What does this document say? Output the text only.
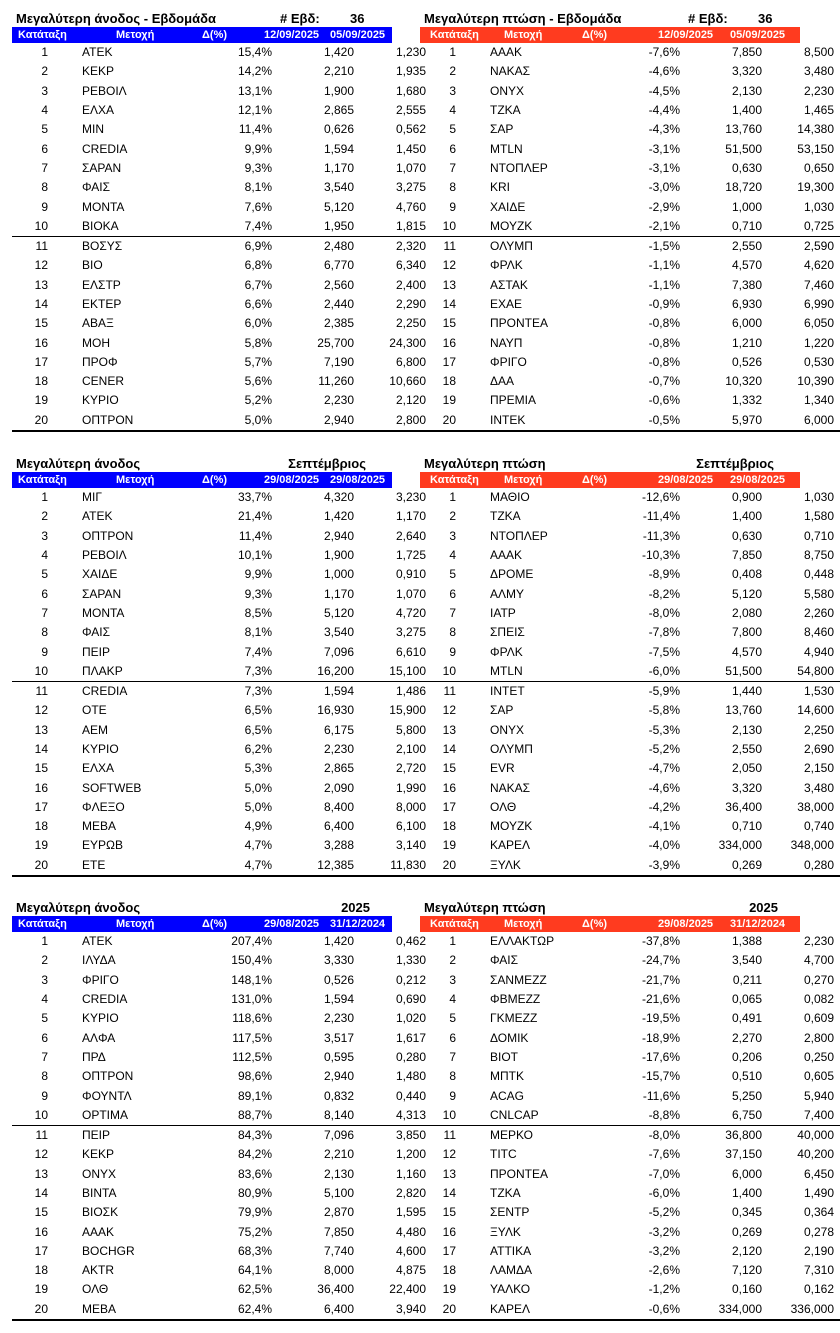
Μεγαλύτερη άνοδος - Εβδομάδα	# Εβδ: 36
Κατάταξη	Μετοχή	Δ(%)	12/09/2025 05/09/2025
1	ΑΤΕΚ	15,4%	1,420	1,230
2	ΚΕΚΡ	14,2%	2,210	1,935
3	ΡΕΒΟΙΛ	13,1%	1,900	1,680
4	ΕΛΧΑ	12,1%	2,865	2,555
5	ΜΙΝ	11,4%	0,626	0,562
6	CREDIA	9,9%	1,594	1,450
7	ΣΑΡΑΝ	9,3%	1,170	1,070
8	ΦΑΙΣ	8,1%	3,540	3,275
9	ΜΟΝΤΑ	7,6%	5,120	4,760
10	ΒΙΟΚΑ	7,4%	1,950	1,815
11	ΒΟΣΥΣ	6,9%	2,480	2,320
12	ΒΙΟ	6,8%	6,770	6,340
13	ΕΛΣΤΡ	6,7%	2,560	2,400
14	ΕΚΤΕΡ	6,6%	2,440	2,290
15	ΑΒΑΞ	6,0%	2,385	2,250
16	ΜΟΗ	5,8%	25,700	24,300
17	ΠΡΟΦ	5,7%	7,190	6,800
18	CENER	5,6%	11,260	10,660
19	ΚΥΡΙΟ	5,2%	2,230	2,120
20	ΟΠΤΡΟΝ	5,0%	2,940	2,800
Μεγαλύτερη πτώση - Εβδομάδα	# Εβδ: 36
Κατάταξη Μετοχή	Δ(%)	12/09/2025 05/09/2025
1	ΑΑΑΚ	-7,6%	7,850	8,500
2	ΝΑΚΑΣ	-4,6%	3,320	3,480
3	ΟΝΥΧ	-4,5%	2,130	2,230
4	ΤΖΚΑ	-4,4%	1,400	1,465
5	ΣΑΡ	-4,3%	13,760	14,380
6	MTLN	-3,1%	51,500	53,150
7	ΝΤΟΠΛΕΡ	-3,1%	0,630	0,650
8	KRI	-3,0%	18,720	19,300
9	ΧΑΙΔΕ	-2,9%	1,000	1,030
10	ΜΟΥΖΚ	-2,1%	0,710	0,725
11	ΟΛΥΜΠ	-1,5%	2,550	2,590
12	ΦΡΛΚ	-1,1%	4,570	4,620
13	ΑΣΤΑΚ	-1,1%	7,380	7,460
14	ΕΧΑΕ	-0,9%	6,930	6,990
15	ΠΡΟΝΤΕΑ	-0,8%	6,000	6,050
16	ΝΑΥΠ	-0,8%	1,210	1,220
17	ΦΡΙΓΟ	-0,8%	0,526	0,530
18	ΔΑΑ	-0,7%	10,320	10,390
19	ΠΡΕΜΙΑ	-0,6%	1,332	1,340
20	INTEK	-0,5%	5,970	6,000
Μεγαλύτερη άνοδος	Σεπτέμβριος
Κατάταξη	Μετοχή	Δ(%)	29/08/2025 29/08/2025
1	ΜΙΓ	33,7%	4,320	3,230
2	ΑΤΕΚ	21,4%	1,420	1,170
3	ΟΠΤΡΟΝ	11,4%	2,940	2,640
4	ΡΕΒΟΙΛ	10,1%	1,900	1,725
5	ΧΑΙΔΕ	9,9%	1,000	0,910
6	ΣΑΡΑΝ	9,3%	1,170	1,070
7	ΜΟΝΤΑ	8,5%	5,120	4,720
8	ΦΑΙΣ	8,1%	3,540	3,275
9	ΠΕΙΡ	7,4%	7,096	6,610
10	ΠΛΑΚΡ	7,3%	16,200	15,100
11	CREDIA	7,3%	1,594	1,486
12	ΟΤΕ	6,5%	16,930	15,900
13	ΑΕΜ	6,5%	6,175	5,800
14	ΚΥΡΙΟ	6,2%	2,230	2,100
15	ΕΛΧΑ	5,3%	2,865	2,720
16	SOFTWEB	5,0%	2,090	1,990
17	ΦΛΕΞΟ	5,0%	8,400	8,000
18	ΜΕΒΑ	4,9%	6,400	6,100
19	ΕΥΡΩΒ	4,7%	3,288	3,140
20	ΕΤΕ	4,7%	12,385	11,830
Μεγαλύτερη πτώση	Σεπτέμβριος
Κατάταξη Μετοχή	Δ(%)	29/08/2025 29/08/2025
1	ΜΑΘΙΟ	-12,6%	0,900	1,030
2	ΤΖΚΑ	-11,4%	1,400	1,580
3	ΝΤΟΠΛΕΡ	-11,3%	0,630	0,710
4	ΑΑΑΚ	-10,3%	7,850	8,750
5	ΔΡΟΜΕ	-8,9%	0,408	0,448
6	ΑΛΜΥ	-8,2%	5,120	5,580
7	ΙΑΤΡ	-8,0%	2,080	2,260
8	ΣΠΕΙΣ	-7,8%	7,800	8,460
9	ΦΡΛΚ	-7,5%	4,570	4,940
10	MTLN	-6,0%	51,500	54,800
11	INTET	-5,9%	1,440	1,530
12	ΣΑΡ	-5,8%	13,760	14,600
13	ΟΝΥΧ	-5,3%	2,130	2,250
14	ΟΛΥΜΠ	-5,2%	2,550	2,690
15	EVR	-4,7%	2,050	2,150
16	ΝΑΚΑΣ	-4,6%	3,320	3,480
17	ΟΛΘ	-4,2%	36,400	38,000
18	ΜΟΥΖΚ	-4,1%	0,710	0,740
19	ΚΑΡΕΛ	-4,0%	334,000	348,000
20	ΞΥΛΚ	-3,9%	0,269	0,280
Μεγαλύτερη άνοδος	2025
Κατάταξη	Μετοχή	Δ(%)	29/08/2025 31/12/2024
1	ΑΤΕΚ	207,4%	1,420	0,462
2	ΙΛΥΔΑ	150,4%	3,330	1,330
3	ΦΡΙΓΟ	148,1%	0,526	0,212
4	CREDIA	131,0%	1,594	0,690
5	ΚΥΡΙΟ	118,6%	2,230	1,020
6	ΑΛΦΑ	117,5%	3,517	1,617
7	ΠΡΔ	112,5%	0,595	0,280
8	ΟΠΤΡΟΝ	98,6%	2,940	1,480
9	ΦΟΥΝΤΛ	89,1%	0,832	0,440
10	OPTIMA	88,7%	8,140	4,313
11	ΠΕΙΡ	84,3%	7,096	3,850
12	ΚΕΚΡ	84,2%	2,210	1,200
13	ΟΝΥΧ	83,6%	2,130	1,160
14	ΒΙΝΤΑ	80,9%	5,100	2,820
15	ΒΙΟΣΚ	79,9%	2,870	1,595
16	ΑΑΑΚ	75,2%	7,850	4,480
17	BOCHGR	68,3%	7,740	4,600
18	AKTR	64,1%	8,000	4,875
19	ΟΛΘ	62,5%	36,400	22,400
20	ΜΕΒΑ	62,4%	6,400	3,940
Μεγαλύτερη πτώση	2025
Κατάταξη Μετοχή	Δ(%)	29/08/2025 31/12/2024
1	ΕΛΛΑΚΤΩΡ	-37,8%	1,388	2,230
2	ΦΑΙΣ	-24,7%	3,540	4,700
3	ΣΑΝΜΕΖΖ	-21,7%	0,211	0,270
4	ΦΒΜΕΖΖ	-21,6%	0,065	0,082
5	ΓΚΜΕΖΖ	-19,5%	0,491	0,609
6	ΔΟΜΙΚ	-18,9%	2,270	2,800
7	ΒΙΟΤ	-17,6%	0,206	0,250
8	ΜΠΤΚ	-15,7%	0,510	0,605
9	ACAG	-11,6%	5,250	5,940
10	CNLCAP	-8,8%	6,750	7,400
11	ΜΕΡΚΟ	-8,0%	36,800	40,000
12	TITC	-7,6%	37,150	40,200
13	ΠΡΟΝΤΕΑ	-7,0%	6,000	6,450
14	ΤΖΚΑ	-6,0%	1,400	1,490
15	ΣΕΝΤΡ	-5,2%	0,345	0,364
16	ΞΥΛΚ	-3,2%	0,269	0,278
17	ΑΤΤΙΚΑ	-3,2%	2,120	2,190
18	ΛΑΜΔΑ	-2,6%	7,120	7,310
19	ΥΑΛΚΟ	-1,2%	0,160	0,162
20	ΚΑΡΕΛ	-0,6%	334,000	336,000
